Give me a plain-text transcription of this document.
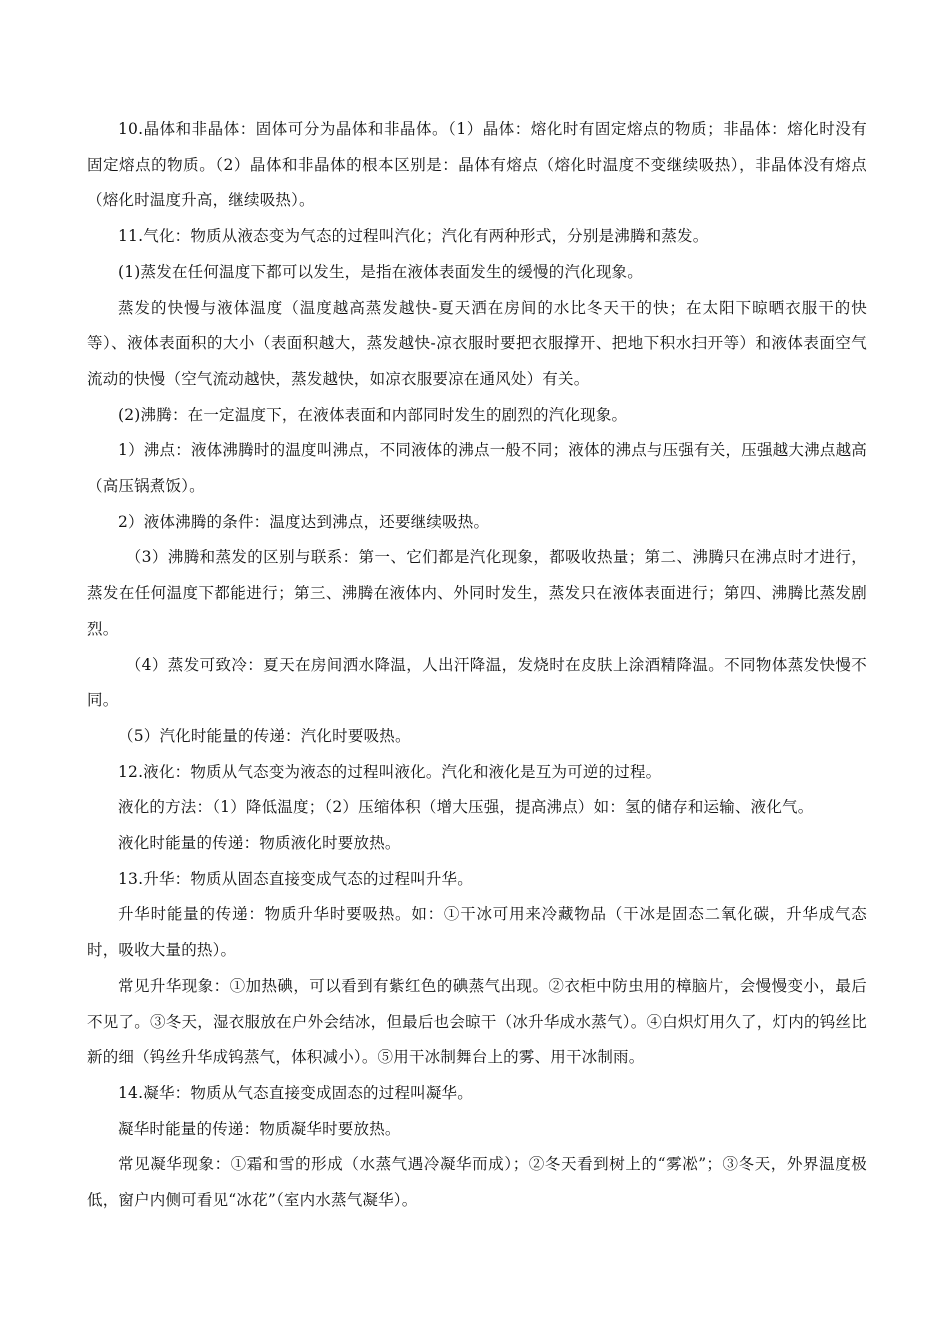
10.晶体和非晶体：固体可分为晶体和非晶体。（1）晶体：熔化时有固定熔点的物质；非晶体：熔化时没有固定熔点的物质。（2）晶体和非晶体的根本区别是：晶体有熔点（熔化时温度不变继续吸热），非晶体没有熔点（熔化时温度升高，继续吸热）。

11.气化：物质从液态变为气态的过程叫汽化；汽化有两种形式，分别是沸腾和蒸发。

(1)蒸发在任何温度下都可以发生，是指在液体表面发生的缓慢的汽化现象。

蒸发的快慢与液体温度（温度越高蒸发越快-夏天洒在房间的水比冬天干的快；在太阳下晾晒衣服干的快等）、液体表面积的大小（表面积越大，蒸发越快-凉衣服时要把衣服撑开、把地下积水扫开等）和液体表面空气流动的快慢（空气流动越快，蒸发越快，如凉衣服要凉在通风处）有关。

(2)沸腾：在一定温度下，在液体表面和内部同时发生的剧烈的汽化现象。

1）沸点：液体沸腾时的温度叫沸点，不同液体的沸点一般不同；液体的沸点与压强有关，压强越大沸点越高（高压锅煮饭）。

2）液体沸腾的条件：温度达到沸点，还要继续吸热。

（3）沸腾和蒸发的区别与联系：第一、它们都是汽化现象，都吸收热量；第二、沸腾只在沸点时才进行，蒸发在任何温度下都能进行；第三、沸腾在液体内、外同时发生，蒸发只在液体表面进行；第四、沸腾比蒸发剧烈。

（4）蒸发可致冷：夏天在房间洒水降温，人出汗降温，发烧时在皮肤上涂酒精降温。不同物体蒸发快慢不同。

（5）汽化时能量的传递：汽化时要吸热。

12.液化：物质从气态变为液态的过程叫液化。汽化和液化是互为可逆的过程。

液化的方法：（1）降低温度；（2）压缩体积（增大压强，提高沸点）如：氢的储存和运输、液化气。

液化时能量的传递：物质液化时要放热。

13.升华：物质从固态直接变成气态的过程叫升华。

升华时能量的传递：物质升华时要吸热。如：①干冰可用来冷藏物品（干冰是固态二氧化碳，升华成气态时，吸收大量的热）。

常见升华现象：①加热碘，可以看到有紫红色的碘蒸气出现。②衣柜中防虫用的樟脑片，会慢慢变小，最后不见了。③冬天，湿衣服放在户外会结冰，但最后也会晾干（冰升华成水蒸气）。④白炽灯用久了，灯内的钨丝比新的细（钨丝升华成钨蒸气，体积减小）。⑤用干冰制舞台上的雾、用干冰制雨。

14.凝华：物质从气态直接变成固态的过程叫凝华。

凝华时能量的传递：物质凝华时要放热。

常见凝华现象：①霜和雪的形成（水蒸气遇冷凝华而成）；②冬天看到树上的“雾凇”；③冬天，外界温度极低，窗户内侧可看见“冰花”（室内水蒸气凝华）。
